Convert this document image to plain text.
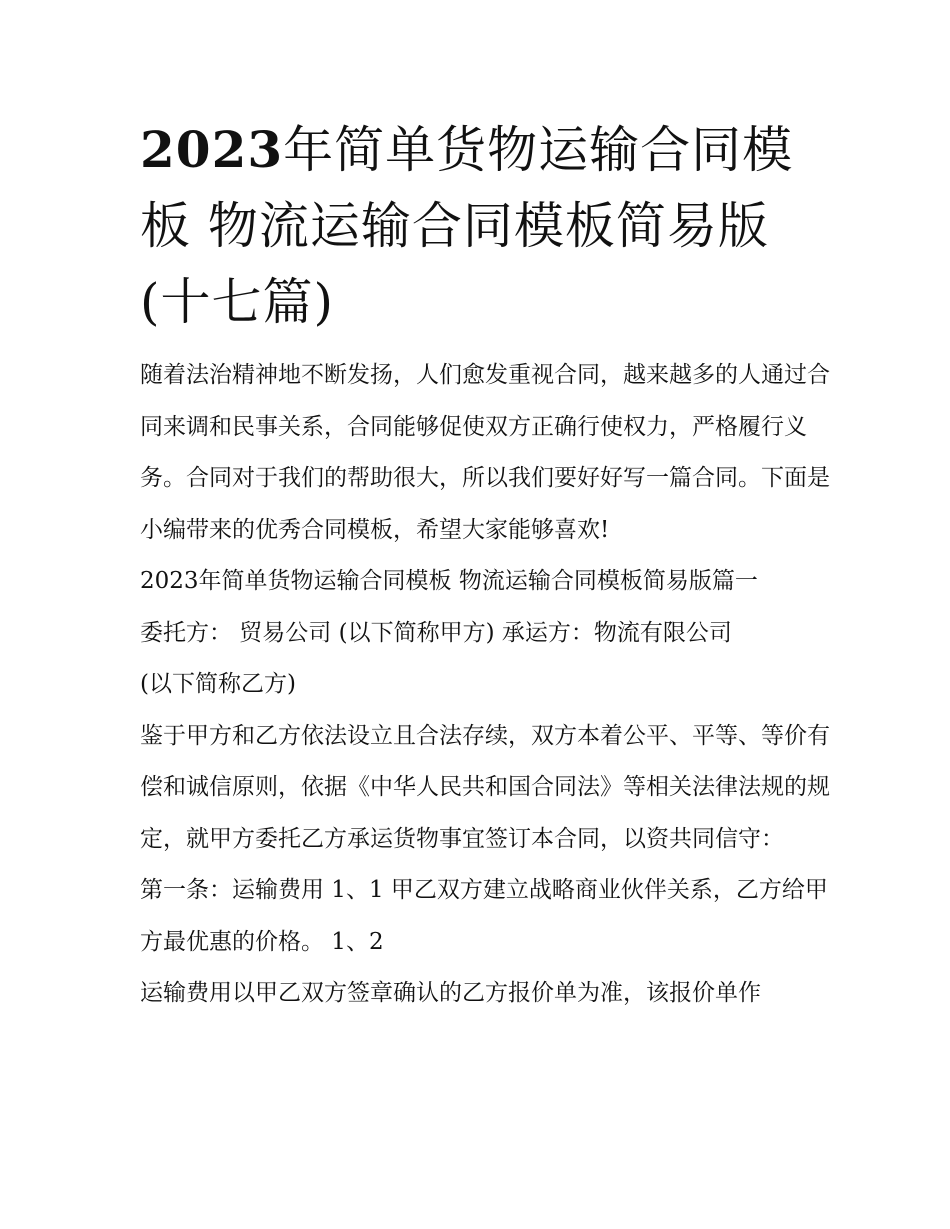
2023年简单货物运输合同模板 物流运输合同模板简易版(十七篇)

随着法治精神地不断发扬，人们愈发重视合同，越来越多的人通过合同来调和民事关系，合同能够促使双方正确行使权力，严格履行义务。合同对于我们的帮助很大，所以我们要好好写一篇合同。下面是小编带来的优秀合同模板，希望大家能够喜欢!

2023年简单货物运输合同模板 物流运输合同模板简易版篇一

委托方： 贸易公司 (以下简称甲方) 承运方：物流有限公司

(以下简称乙方)

鉴于甲方和乙方依法设立且合法存续，双方本着公平、平等、等价有偿和诚信原则，依据《中华人民共和国合同法》等相关法律法规的规定，就甲方委托乙方承运货物事宜签订本合同，以资共同信守：

第一条：运输费用 1、1 甲乙双方建立战略商业伙伴关系，乙方给甲方最优惠的价格。 1、2

运输费用以甲乙双方签章确认的乙方报价单为准，该报价单作
